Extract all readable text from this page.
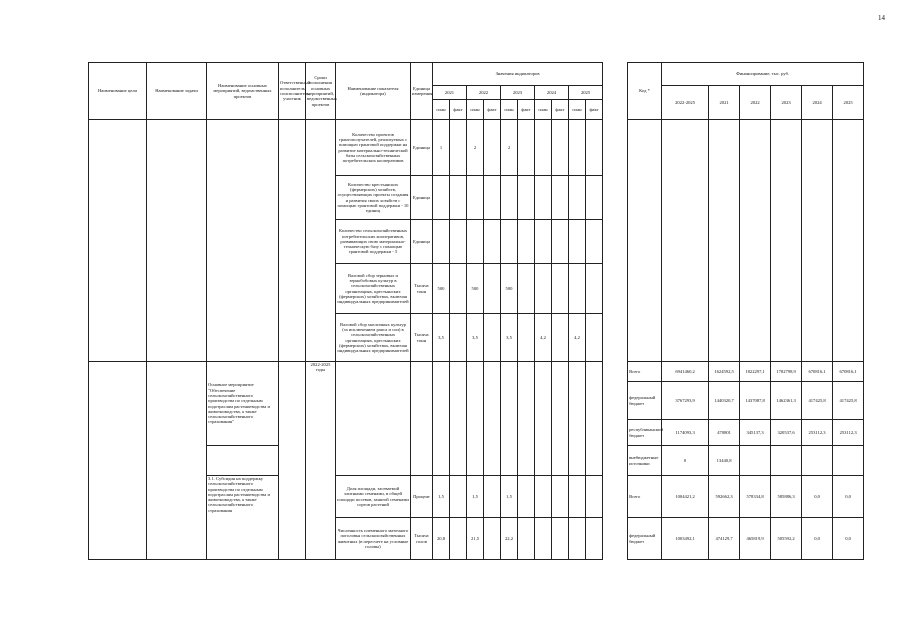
14
Наименование цели	Наименование задачи	Наименование основных мероприятий, ведомственных проектов	Ответственный исполнитель, соисполнитель, участник	Сроки исполнения основных мероприятий, ведомственных проектов	Наименование показателя (индикатора)	Единица измерения	Значения индикаторов											Код *	Финансирование, тыс. руб.					
							2021		2022		2023		2024		2025				2022-2025	2021	2022	2023	2024	2025
							план	факт	план	факт	план	факт	план	факт	план	факт								
					Количество проектов грантополучателей, реализуемых с помощью грантовой поддержки на развитие материально-технической базы сельскохозяйственных потребительских кооперативов	Единица	1		2		2													
					Количество крестьянских (фермерских) хозяйств, осуществляющих проекты создания и развития своих хозяйств с помощью грантовой поддержки - 10 единиц	Единица																		
					Количество сельскохозяйственных потребительских кооперативов, развивающих свою материально-техническую базу с помощью грантовой поддержки - 5	Единица																		
					Валовой сбор зерновых и зернобобовых культур в сельскохозяйственных организациях, крестьянских (фермерских) хозяйствах, включая индивидуальных предпринимателей	Тысяча тонн	500		500		500													
					Валовой сбор масличных культур (за исключением рапса и сои) в сельскохозяйственных организациях, крестьянских (фермерских) хозяйствах, включая индивидуальных предпринимателей	Тысяча тонн	3,5		3,5		3,5		4,2		4,2									
		Основное мероприятие "Обеспечение сельскохозяйственного производства по отдельным подотраслям растениеводства и животноводства, а также сельскохозяйственного страхования"		2022-2025 годы														Всего	6941460,2	1624592,5	1822297,1	1782798,9	670816,1	670816,1
																		федеральный бюджет	3767293,9	1440320,7	1437087,8	1462361,3	417425,8	417425,8
																		республиканский бюджет	1174093,3	470801	345137,3	320537,6	253112,3	253112,3
																		внебюджетные источники	0	13440,8				
		3.1. Субсидия на поддержку сельскохозяйственного производства по отдельным подотраслям растениеводства и животноводства, а также сельскохозяйственного страхования			Доля площади, засеваемой элитными семенами, в общей площади посевов, занятой семенами сортов растений	Процент	1,5		1,5		1,5							Всего	1004421,2	592662,3	578334,8	585886,3	0,0	0,0
					Численность племенного маточного поголовья сельскохозяйственных животных (в пересчете на условные головы)	Тысяча голов	20,8		21,5		22,2							федеральный бюджет	1003492,1	474129,7	465819,9	505592,2	0,0	0,0
